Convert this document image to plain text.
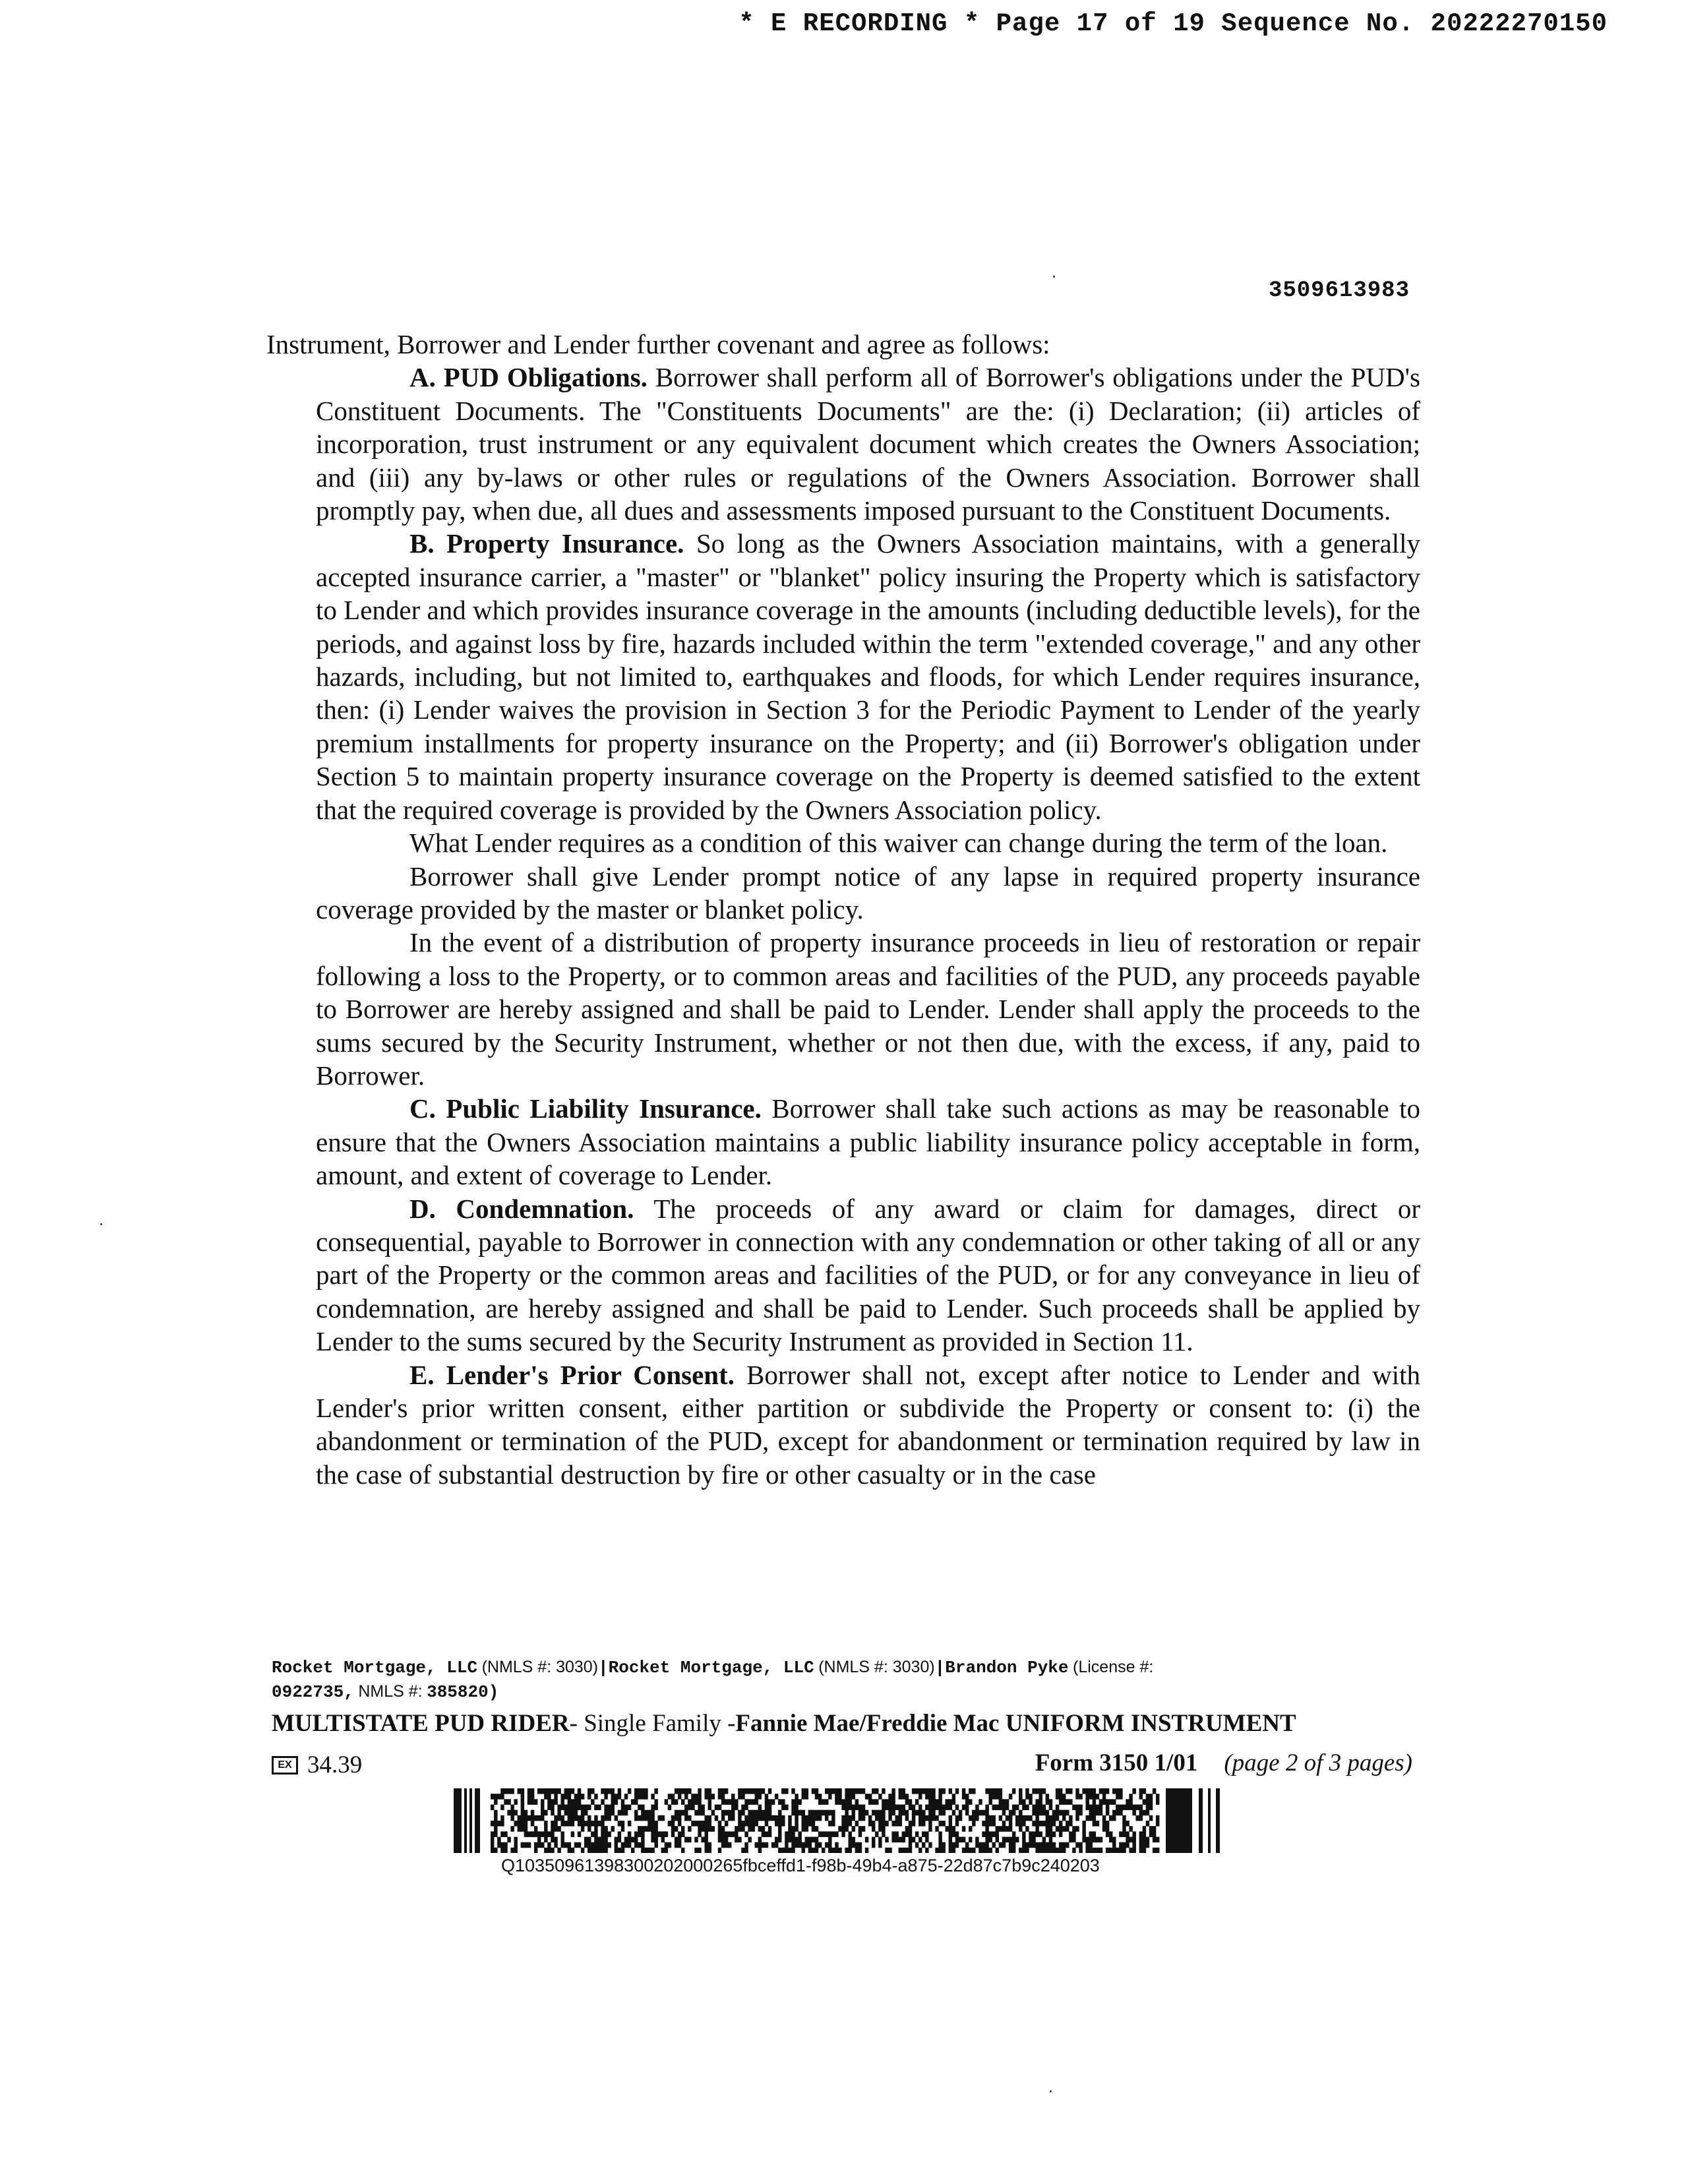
* E RECORDING * Page 17 of 19 Sequence No. 20222270150
3509613983

Instrument, Borrower and Lender further covenant and agree as follows:

A. PUD Obligations. Borrower shall perform all of Borrower's obligations under the PUD's Constituent Documents. The "Constituents Documents" are the: (i) Declaration; (ii) articles of incorporation, trust instrument or any equivalent document which creates the Owners Association; and (iii) any by-laws or other rules or regulations of the Owners Association. Borrower shall promptly pay, when due, all dues and assessments imposed pursuant to the Constituent Documents.

B. Property Insurance. So long as the Owners Association maintains, with a generally accepted insurance carrier, a "master" or "blanket" policy insuring the Property which is satisfactory to Lender and which provides insurance coverage in the amounts (including deductible levels), for the periods, and against loss by fire, hazards included within the term "extended coverage," and any other hazards, including, but not limited to, earthquakes and floods, for which Lender requires insurance, then: (i) Lender waives the provision in Section 3 for the Periodic Payment to Lender of the yearly premium installments for property insurance on the Property; and (ii) Borrower's obligation under Section 5 to maintain property insurance coverage on the Property is deemed satisfied to the extent that the required coverage is provided by the Owners Association policy.

What Lender requires as a condition of this waiver can change during the term of the loan.

Borrower shall give Lender prompt notice of any lapse in required property insurance coverage provided by the master or blanket policy.

In the event of a distribution of property insurance proceeds in lieu of restoration or repair following a loss to the Property, or to common areas and facilities of the PUD, any proceeds payable to Borrower are hereby assigned and shall be paid to Lender. Lender shall apply the proceeds to the sums secured by the Security Instrument, whether or not then due, with the excess, if any, paid to Borrower.

C. Public Liability Insurance. Borrower shall take such actions as may be reasonable to ensure that the Owners Association maintains a public liability insurance policy acceptable in form, amount, and extent of coverage to Lender.

D. Condemnation. The proceeds of any award or claim for damages, direct or consequential, payable to Borrower in connection with any condemnation or other taking of all or any part of the Property or the common areas and facilities of the PUD, or for any conveyance in lieu of condemnation, are hereby assigned and shall be paid to Lender. Such proceeds shall be applied by Lender to the sums secured by the Security Instrument as provided in Section 11.

E. Lender's Prior Consent. Borrower shall not, except after notice to Lender and with Lender's prior written consent, either partition or subdivide the Property or consent to: (i) the abandonment or termination of the PUD, except for abandonment or termination required by law in the case of substantial destruction by fire or other casualty or in the case

Rocket Mortgage, LLC (NMLS #: 3030)|Rocket Mortgage, LLC (NMLS #: 3030)|Brandon Pyke (License #:
0922735, NMLS #: 385820)
MULTISTATE PUD RIDER- Single Family -Fannie Mae/Freddie Mac UNIFORM INSTRUMENT
EX 34.39	Form 3150 1/01 (page 2 of 3 pages)
Q10350961398300202000265fbceffd1-f98b-49b4-a875-22d87c7b9c240203
